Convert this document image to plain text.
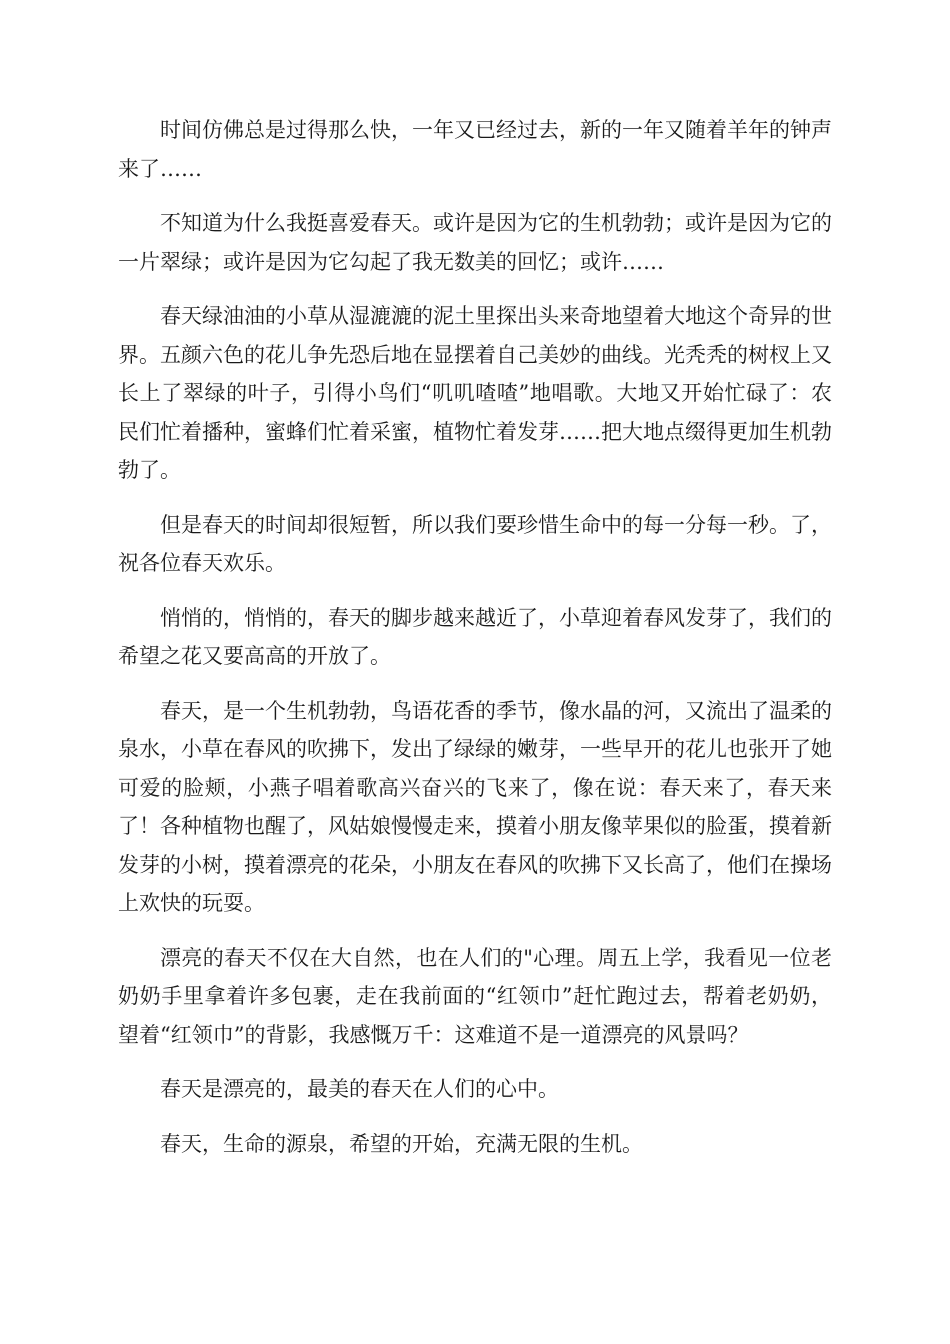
时间仿佛总是过得那么快，一年又已经过去，新的一年又随着羊年的钟声来了……

不知道为什么我挺喜爱春天。或许是因为它的生机勃勃；或许是因为它的一片翠绿；或许是因为它勾起了我无数美的回忆；或许……

春天绿油油的小草从湿漉漉的泥土里探出头来奇地望着大地这个奇异的世界。五颜六色的花儿争先恐后地在显摆着自己美妙的曲线。光秃秃的树杈上又长上了翠绿的叶子，引得小鸟们“叽叽喳喳”地唱歌。大地又开始忙碌了：农民们忙着播种，蜜蜂们忙着采蜜，植物忙着发芽……把大地点缀得更加生机勃勃了。

但是春天的时间却很短暂，所以我们要珍惜生命中的每一分每一秒。了，祝各位春天欢乐。

悄悄的，悄悄的，春天的脚步越来越近了，小草迎着春风发芽了，我们的希望之花又要高高的开放了。

春天，是一个生机勃勃，鸟语花香的季节，像水晶的河，又流出了温柔的泉水，小草在春风的吹拂下，发出了绿绿的嫩芽，一些早开的花儿也张开了她可爱的脸颊，小燕子唱着歌高兴奋兴的飞来了，像在说：春天来了，春天来了！各种植物也醒了，风姑娘慢慢走来，摸着小朋友像苹果似的脸蛋，摸着新发芽的小树，摸着漂亮的花朵，小朋友在春风的吹拂下又长高了，他们在操场上欢快的玩耍。

漂亮的春天不仅在大自然，也在人们的"心理。周五上学，我看见一位老奶奶手里拿着许多包裹，走在我前面的“红领巾”赶忙跑过去，帮着老奶奶，望着“红领巾”的背影，我感慨万千：这难道不是一道漂亮的风景吗？

春天是漂亮的，最美的春天在人们的心中。

春天，生命的源泉，希望的开始，充满无限的生机。
